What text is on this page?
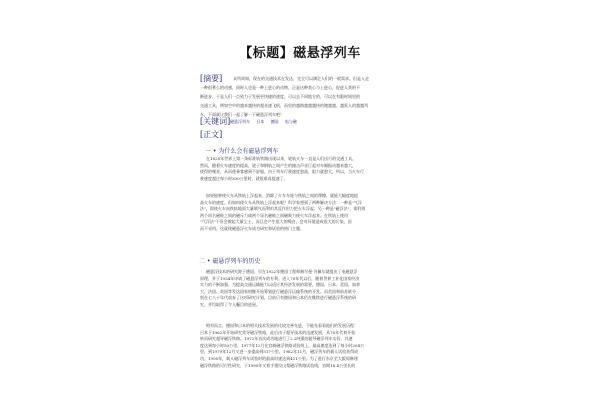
【标题】磁悬浮列车
[摘要]	众所周知，现在的交通技术在发达，完全可以满足人们的一般需求。但是人走
一种很奢么的动感，同时人也是一种上进心的动物，正是这种类心与上进心，促进人类的不
断进步，于是人们一点致力于发展更快捷的速度，可以去不同地方的，可以在有限时间里的
交通工具，例如空中的越来越快的超音速飞机，而里的越路越越越快的邀越越，越延人的越越列
车，下面就让我们一起了解一下磁悬浮列车吧！
[关键词] 磁悬浮列车 日本 德国 电与磁
[正文]
一 • 为什么会有磁悬浮列车
在1825年世界上第一条标准轨铁路出现以来，轮轨火车一直是人们出行的交通工具。
然而，随着火车速度的提高，轮子和钢轨之间产生的撞击声音巨起对车厢振动越来越大，
使得的噪音，从而使乘客感到不舒服。由于列车行驶速度愈高，阻力就愈大，所以，当火车行
驶速度超过每小时300公里时，就很难再提速了。
如果能够使火车从铁轨上浮起来，消除了火车车轮与铁轨之间的摩擦，就能大幅度地提
高火车的速度。但如何使火车从铁轨上浮起来呢？科学家想到了两种解决方法：一种是"气浮
法"，即使火车向铁轨地面大量喷气而利用其反作用力把火车浮起；另一种是"磁浮法"，即利用
两个同名磁极之间的磁斥力或两个异名磁极之间磁吸力使火车浮起来。在铁轨上使用
"气浮法"不但会掀起大量尘土，而且会产生很大的噪音，会对环境造成很大的污染，因
而不采用。这就使磁悬浮火车成为研究和试验的热门主题。
二 • 磁悬浮列车的历史
磁悬浮技术的研究源于德国，早在1922年德国工程师赫尔曼·肯佩尔就提出了电磁悬浮
原理，并于1934年申请了磁悬浮列车的专利。进入70年代以后，随着世界工业化国家经济
实力的不断加强，为提高交通运输能力以适应其经济发展的需要，德国、日本、美国、加拿
大、法国、英国等发达国家相继开始筹划进行磁悬浮运输系统的开发。而美国和前苏联分
别在七八十年代放弃了这项研究计划，目前只有德国和日本仍在继续进行磁悬浮系统的研
究，并均取得了令人瞩目的进展。
相对而言，德国和日本的相关技术发展的比较完善先进，不能先看看他们的发展历程：
日本于1962年开始研究常导磁浮铁路，此后由于超导技术的迅速发展，从70年代初开始
转而研究超导磁浮铁路。1972年首次成功地进行了2.2吨重的超导磁浮列车实验，其速
度达到每小时50公里。1977年12月在宫崎磁浮铁路试验线上，最高速度达到了每小时204公
里，到1979年12月又进一步提高到517公里。1982年11月，磁浮列车的载人试验获得成
功。1995年，载人磁浮列车试验时的最高时速达到411公里。为了进行东京至大阪间修建
磁浮铁路的可行性研究，于1990年又着手建设山梨磁浮铁路试验线，首期18.4公里长的
